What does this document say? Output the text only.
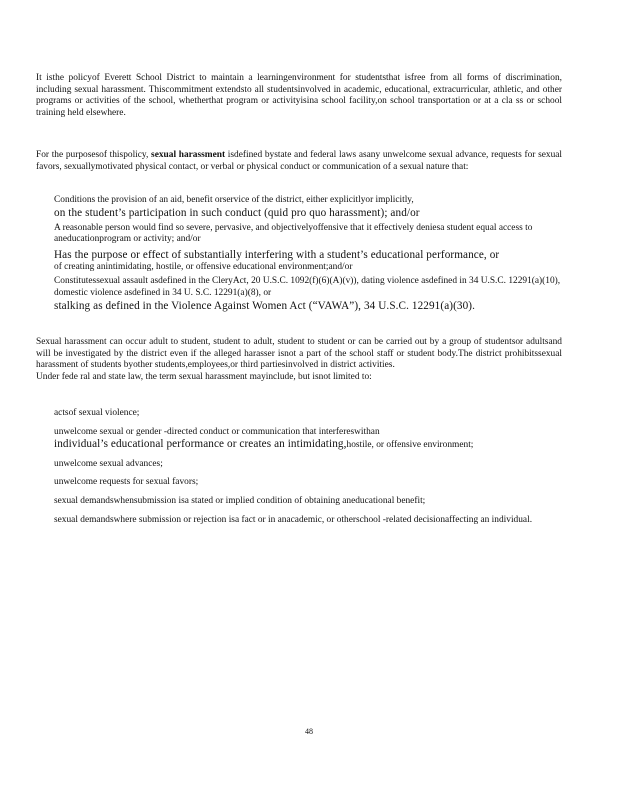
It isthe policyof Everett School District to maintain a learningenvironment for studentsthat isfree from all forms of discrimination, including sexual harassment. Thiscommitment extendsto all studentsinvolved in academic, educational, extracurricular, athletic, and other programs or activities of the school, whetherthat program or activityisina school facility,on school transportation or at a cla ss or school training held elsewhere.

For the purposesof thispolicy, sexual harassment isdefined bystate and federal laws asany unwelcome sexual advance, requests for sexual favors, sexuallymotivated physical contact, or verbal or physical conduct or communication of a sexual nature that:

Conditions the provision of an aid, benefit orservice of the district, either explicitlyor implicitly,
on the student’s participation in such conduct (quid pro quo harassment); and/or
A reasonable person would find so severe, pervasive, and objectivelyoffensive that it effectively deniesa student equal access to aneducationprogram or activity; and/or
Has the purpose or effect of substantially interfering with a student’s educational performance, or
of creating anintimidating, hostile, or offensive educational environment;and/or
Constitutessexual assault asdefined in the CleryAct, 20 U.S.C. 1092(f)(6)(A)(v)), dating violence asdefined in 34 U.S.C. 12291(a)(10), domestic violence asdefined in 34 U. S.C. 12291(a)(8), or
stalking as defined in the Violence Against Women Act (“VAWA”), 34 U.S.C. 12291(a)(30).

Sexual harassment can occur adult to student, student to adult, student to student or can be carried out by a group of studentsor adultsand will be investigated by the district even if the alleged harasser isnot a part of the school staff or student body.The district prohibitssexual harassment of students byother students,employees,or third partiesinvolved in district activities.

Under fede ral and state law, the term sexual harassment mayinclude, but isnot limited to:

actsof sexual violence;
unwelcome sexual or gender -directed conduct or communication that interfereswithan
individual’s educational performance or creates an intimidating,hostile, or offensive environment;
unwelcome sexual advances;
unwelcome requests for sexual favors;
sexual demandswhensubmission isa stated or implied condition of obtaining aneducational benefit;
sexual demandswhere submission or rejection isa fact or in anacademic, or otherschool -related decisionaffecting an individual.
48
